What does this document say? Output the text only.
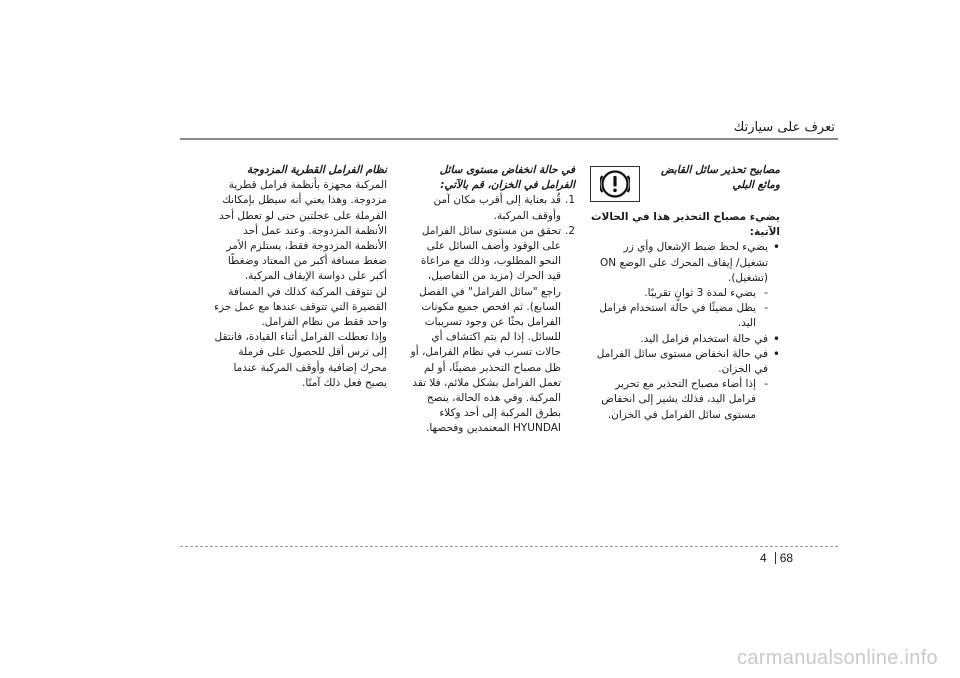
تعرف على سيارتك
مصابيح تحذير سائل القابض ومائع البلي

يضيء مصباح التحذير هذا في الحالات الآتية:

• يضيء لحظ ضبط الإشعال وأي زر تشغيل/ إيقاف المحرك على الوضع ON (تشغيل).
- يضيء لمدة 3 ثوانٍ تقريبًا.
- يظل مضيئًا في حالة استخدام فرامل اليد.
• في حالة استخدام فرامل اليد.
• في حالة انخفاض مستوى سائل الفرامل في الخزان.
- إذا أضاء مصباح التحذير مع تحرير فرامل اليد، فذلك يشير إلى انخفاض مستوى سائل الفرامل في الخزان.

في حالة انخفاض مستوى سائل الفرامل في الخزان، قم بالآتي:

1.
قُد بعناية إلى أقرب مكان آمن وأوقف المركبة.
2.
تحقق من مستوى سائل الفرامل على الوقود وأضف السائل على النحو المطلوب، وذلك مع مراعاة قيد الحرك (مزيد من التفاصيل، راجع "سائل الفرامل" في الفصل السابع). ثم افحص جميع مكونات الفرامل بحثًا عن وجود تسريبات للسائل. إذا لم يتم اكتشاف أي حالات تسرب في نظام الفرامل، أو ظل مصباح التحذير مضيئًا، أو لم تعمل الفرامل بشكل ملائم، فلا تقد المركبة. وفي هذه الحالة، ينصح بطرق المركبة إلى أحد وكلاء HYUNDAI المعتمدين وفحصها.

نظام الفرامل القطرية المزدوجة

المركبة مجهزة بأنظمة فرامل قطرية مزدوجة. وهذا يعني أنه سيظل بإمكانك الفرملة على عجلتين حتى لو تعطل أحد الأنظمة المزدوجة. وعند عمل أحد الأنظمة المزدوجة فقط، يستلزم الأمر ضغط مسافة أكبر من المعتاد وضغطًا أكبر على دواسة الإيقاف المركبة.

لن تتوقف المركبة كذلك في المسافة القصيرة التي تتوقف عندها مع عمل جزء واحد فقط من نظام الفرامل.

وإذا تعطلت الفرامل أثناء القيادة، فانتقل إلى ترس أقل للحصول على فرملة محرك إضافية وأوقف المركبة عندما يصبح فعل ذلك آمنًا.

4 68
carmanualsonline.info
